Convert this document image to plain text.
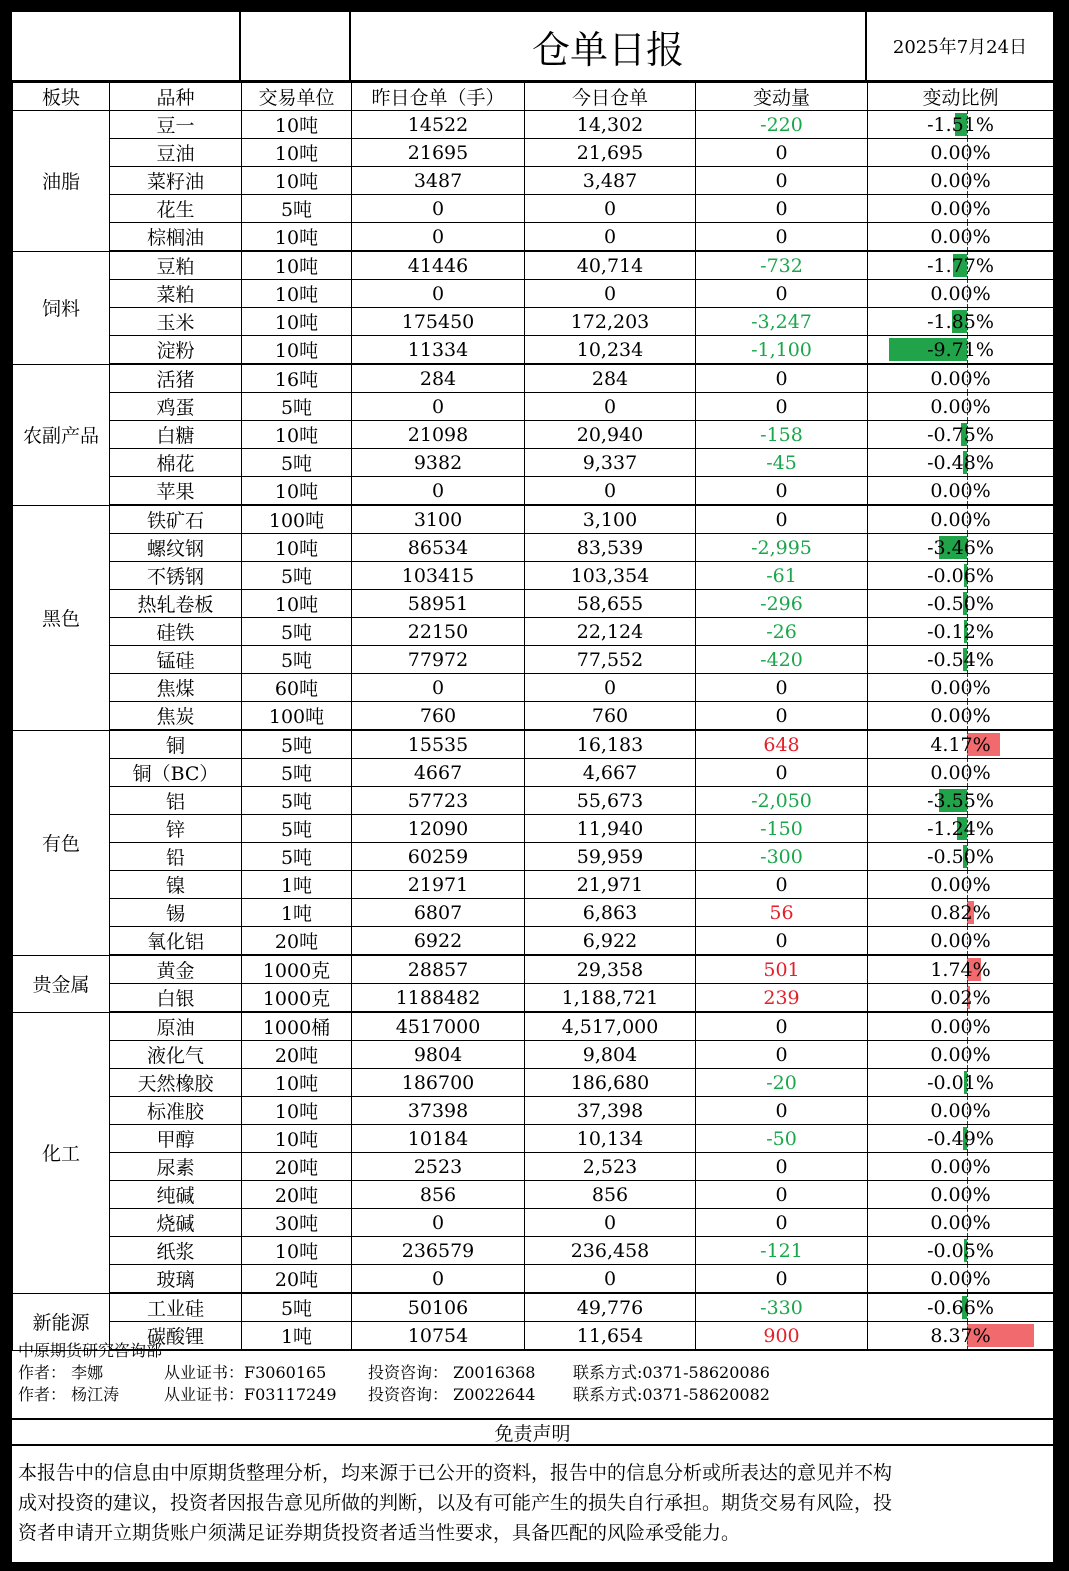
仓单日报	2025年7月24日
板块	品种	交易单位	昨日仓单（手）	今日仓单	变动量	变动比例
油脂	豆一	10吨	14522	14,302	-220	-1.51%
	豆油	10吨	21695	21,695	0	0.00%
	菜籽油	10吨	3487	3,487	0	0.00%
	花生	5吨	0	0	0	0.00%
	棕榈油	10吨	0	0	0	0.00%
饲料	豆粕	10吨	41446	40,714	-732	-1.77%
	菜粕	10吨	0	0	0	0.00%
	玉米	10吨	175450	172,203	-3,247	-1.85%
	淀粉	10吨	11334	10,234	-1,100	-9.71%
农副产品	活猪	16吨	284	284	0	0.00%
	鸡蛋	5吨	0	0	0	0.00%
	白糖	10吨	21098	20,940	-158	-0.75%
	棉花	5吨	9382	9,337	-45	-0.48%
	苹果	10吨	0	0	0	0.00%
黑色	铁矿石	100吨	3100	3,100	0	0.00%
	螺纹钢	10吨	86534	83,539	-2,995	-3.46%
	不锈钢	5吨	103415	103,354	-61	-0.06%
	热轧卷板	10吨	58951	58,655	-296	-0.50%
	硅铁	5吨	22150	22,124	-26	-0.12%
	锰硅	5吨	77972	77,552	-420	-0.54%
	焦煤	60吨	0	0	0	0.00%
	焦炭	100吨	760	760	0	0.00%
有色	铜	5吨	15535	16,183	648	4.17%
	铜（BC）	5吨	4667	4,667	0	0.00%
	铝	5吨	57723	55,673	-2,050	-3.55%
	锌	5吨	12090	11,940	-150	-1.24%
	铅	5吨	60259	59,959	-300	-0.50%
	镍	1吨	21971	21,971	0	0.00%
	锡	1吨	6807	6,863	56	0.82%
	氧化铝	20吨	6922	6,922	0	0.00%
贵金属	黄金	1000克	28857	29,358	501	1.74%
	白银	1000克	1188482	1,188,721	239	0.02%
化工	原油	1000桶	4517000	4,517,000	0	0.00%
	液化气	20吨	9804	9,804	0	0.00%
	天然橡胶	10吨	186700	186,680	-20	-0.01%
	标准胶	10吨	37398	37,398	0	0.00%
	甲醇	10吨	10184	10,134	-50	-0.49%
	尿素	20吨	2523	2,523	0	0.00%
	纯碱	20吨	856	856	0	0.00%
	烧碱	30吨	0	0	0	0.00%
	纸浆	10吨	236579	236,458	-121	-0.05%
	玻璃	20吨	0	0	0	0.00%
新能源	工业硅	5吨	50106	49,776	-330	-0.66%
	碳酸锂	1吨	10754	11,654	900	8.37%
中原期货研究咨询部
作者： 李娜	从业证书：F3060165	投资咨询： Z0016368 联系方式:0371-58620086
作者： 杨江涛	从业证书：F03117249 投资咨询： Z0022644 联系方式:0371-58620082
免责声明
本报告中的信息由中原期货整理分析，均来源于已公开的资料，报告中的信息分析或所表达的意见并不构
成对投资的建议，投资者因报告意见所做的判断，以及有可能产生的损失自行承担。期货交易有风险，投
资者申请开立期货账户须满足证券期货投资者适当性要求，具备匹配的风险承受能力。
